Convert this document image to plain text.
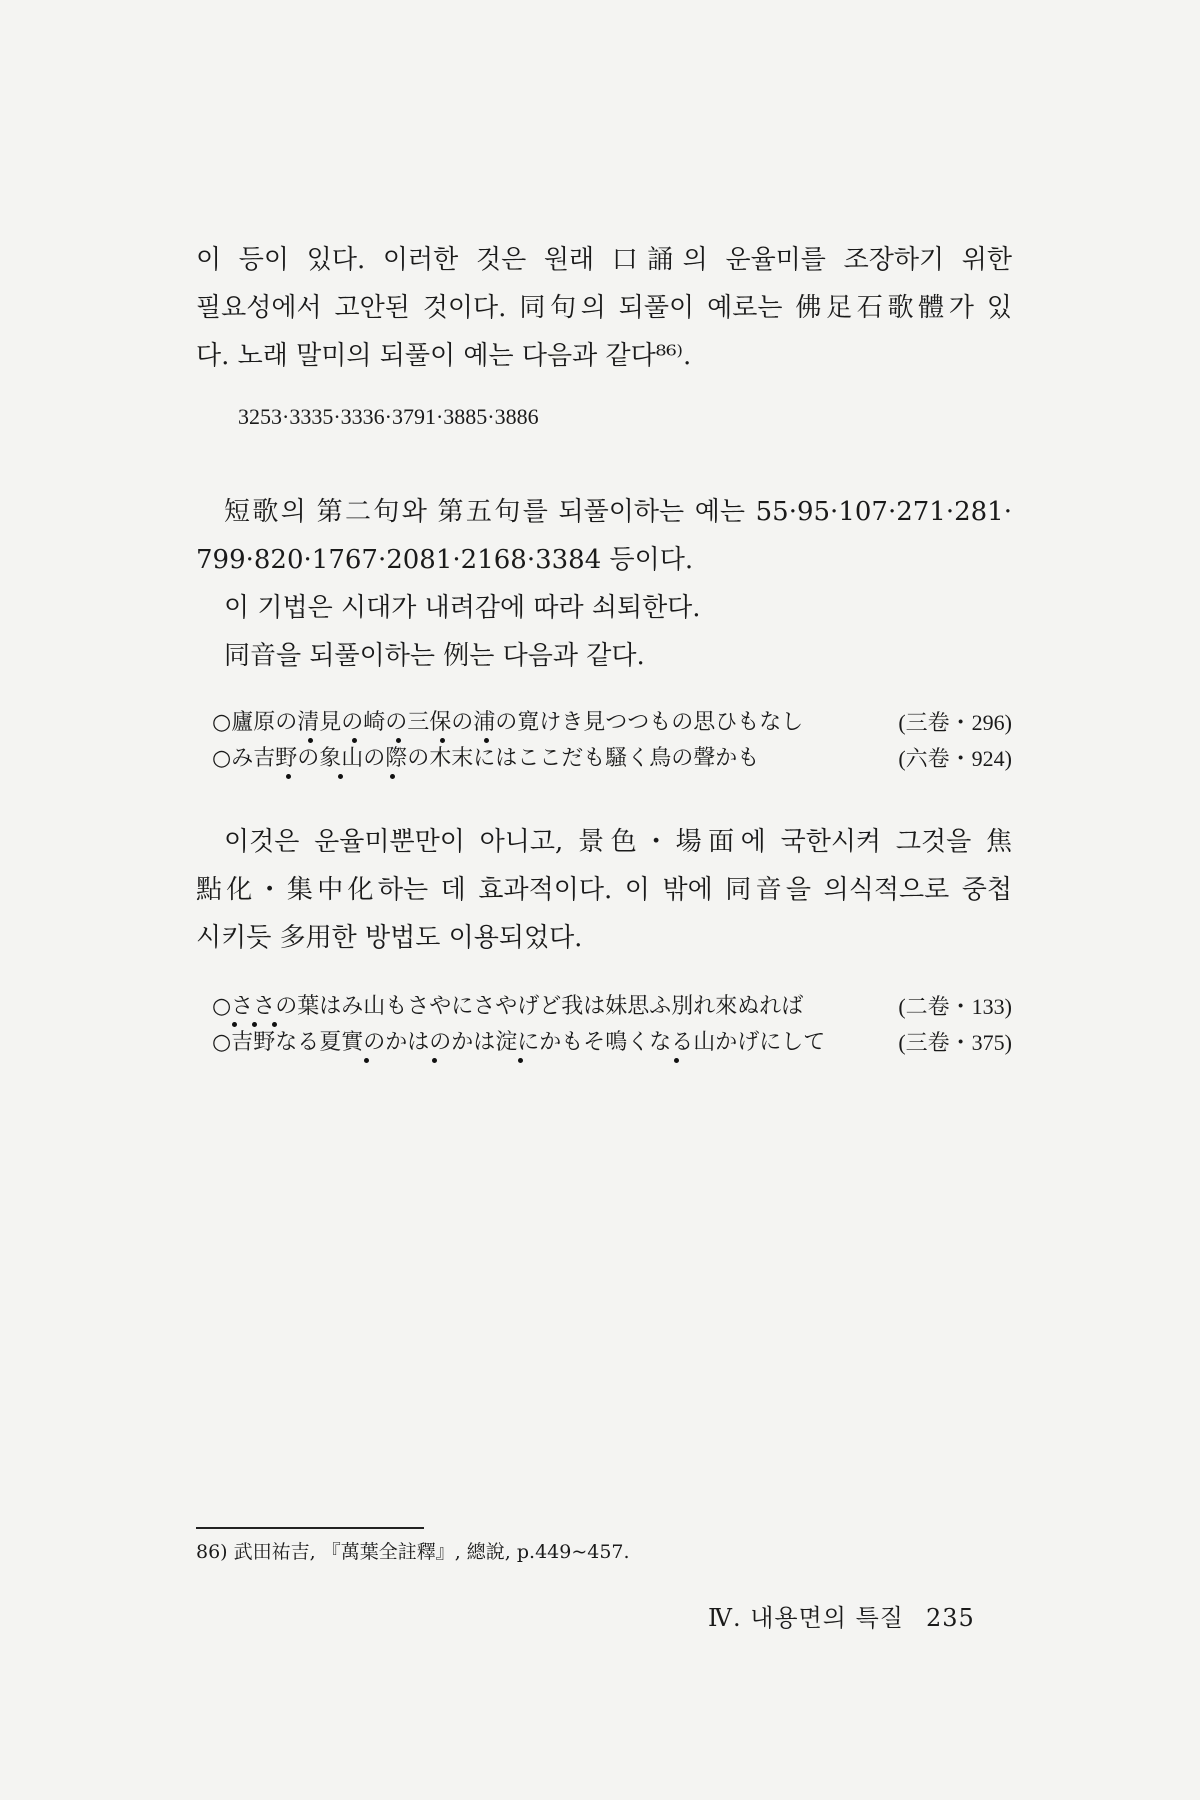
이 등이 있다. 이러한 것은 원래 口誦의 운율미를 조장하기 위한
필요성에서 고안된 것이다. 同句의 되풀이 예로는 佛足石歌體가 있
다. 노래 말미의 되풀이 예는 다음과 같다⁸⁶⁾.

3253·3335·3336·3791·3885·3886

短歌의 第二句와 第五句를 되풀이하는 예는 55·95·107·271·281·
799·820·1767·2081·2168·3384 등이다.
이 기법은 시대가 내려감에 따라 쇠퇴한다.
同音을 되풀이하는 例는 다음과 같다.

○廬原の清見の崎の三保の浦の寛けき見つつもの思ひもなし	(三卷・296)
○み吉野の象山の際の木末にはここだも騷く鳥の聲かも	(六卷・924)

이것은 운율미뿐만이 아니고, 景色・場面에 국한시켜 그것을 焦
點化・集中化하는 데 효과적이다. 이 밖에 同音을 의식적으로 중첩
시키듯 多用한 방법도 이용되었다.

○ささの葉はみ山もさやにさやげど我は妹思ふ別れ來ぬれば	(二卷・133)
○吉野なる夏實のかはのかは淀にかもそ鳴くなる山かげにして	(三卷・375)
86) 武田祐吉, 『萬葉全註釋』, 總說, p.449~457.
Ⅳ. 내용면의 특질 235
